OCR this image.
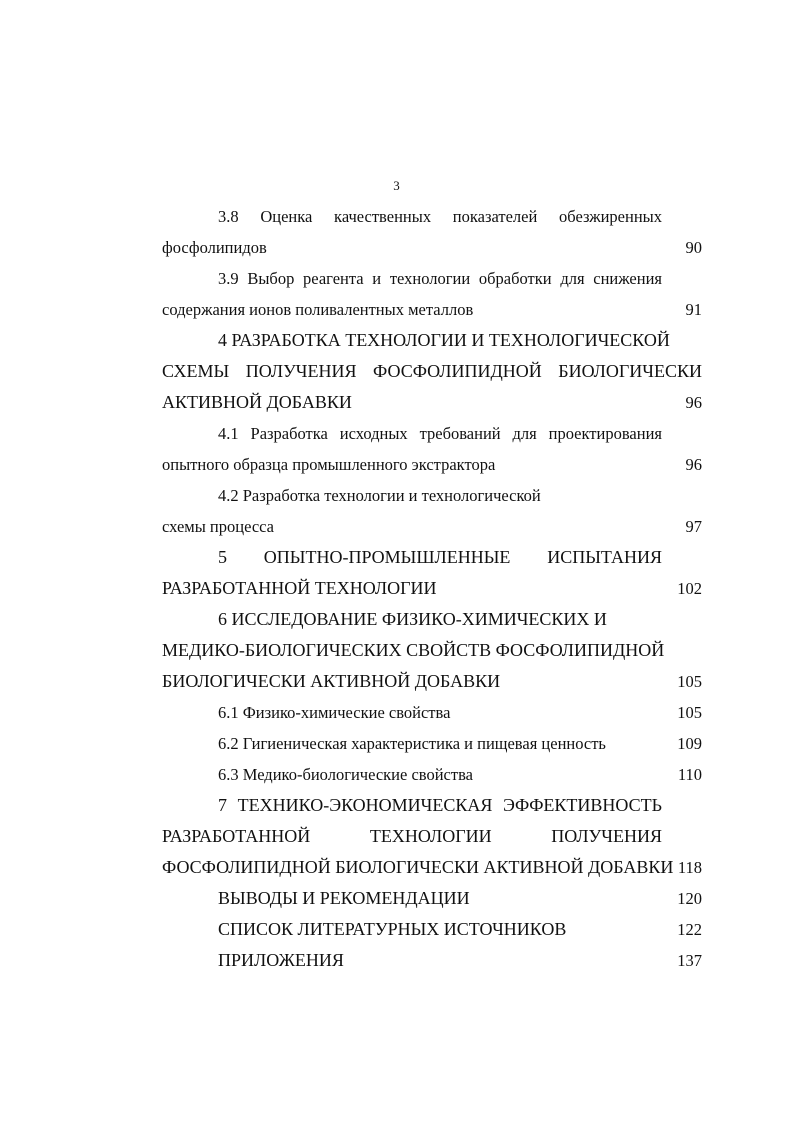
3
3.8 Оценка качественных показателей обезжиренных
фосфолипидов	90
3.9 Выбор реагента и технологии обработки для снижения
содержания ионов поливалентных металлов	91
4 РАЗРАБОТКА ТЕХНОЛОГИИ И ТЕХНОЛОГИЧЕСКОЙ
СХЕМЫ ПОЛУЧЕНИЯ ФОСФОЛИПИДНОЙ БИОЛОГИЧЕСКИ
АКТИВНОЙ ДОБАВКИ	96
4.1 Разработка исходных требований для проектирования
опытного образца промышленного экстрактора	96
4.2 Разработка технологии и технологической
схемы процесса	97
5 ОПЫТНО-ПРОМЫШЛЕННЫЕ ИСПЫТАНИЯ
РАЗРАБОТАННОЙ ТЕХНОЛОГИИ	102
6 ИССЛЕДОВАНИЕ ФИЗИКО-ХИМИЧЕСКИХ И
МЕДИКО-БИОЛОГИЧЕСКИХ СВОЙСТВ ФОСФОЛИПИДНОЙ
БИОЛОГИЧЕСКИ АКТИВНОЙ ДОБАВКИ	105
6.1 Физико-химические свойства	105
6.2 Гигиеническая характеристика и пищевая ценность	109
6.3 Медико-биологические свойства	110
7 ТЕХНИКО-ЭКОНОМИЧЕСКАЯ ЭФФЕКТИВНОСТЬ
РАЗРАБОТАННОЙ ТЕХНОЛОГИИ ПОЛУЧЕНИЯ
ФОСФОЛИПИДНОЙ БИОЛОГИЧЕСКИ АКТИВНОЙ ДОБАВКИ 118
ВЫВОДЫ И РЕКОМЕНДАЦИИ	120
СПИСОК ЛИТЕРАТУРНЫХ ИСТОЧНИКОВ	122
ПРИЛОЖЕНИЯ	137
